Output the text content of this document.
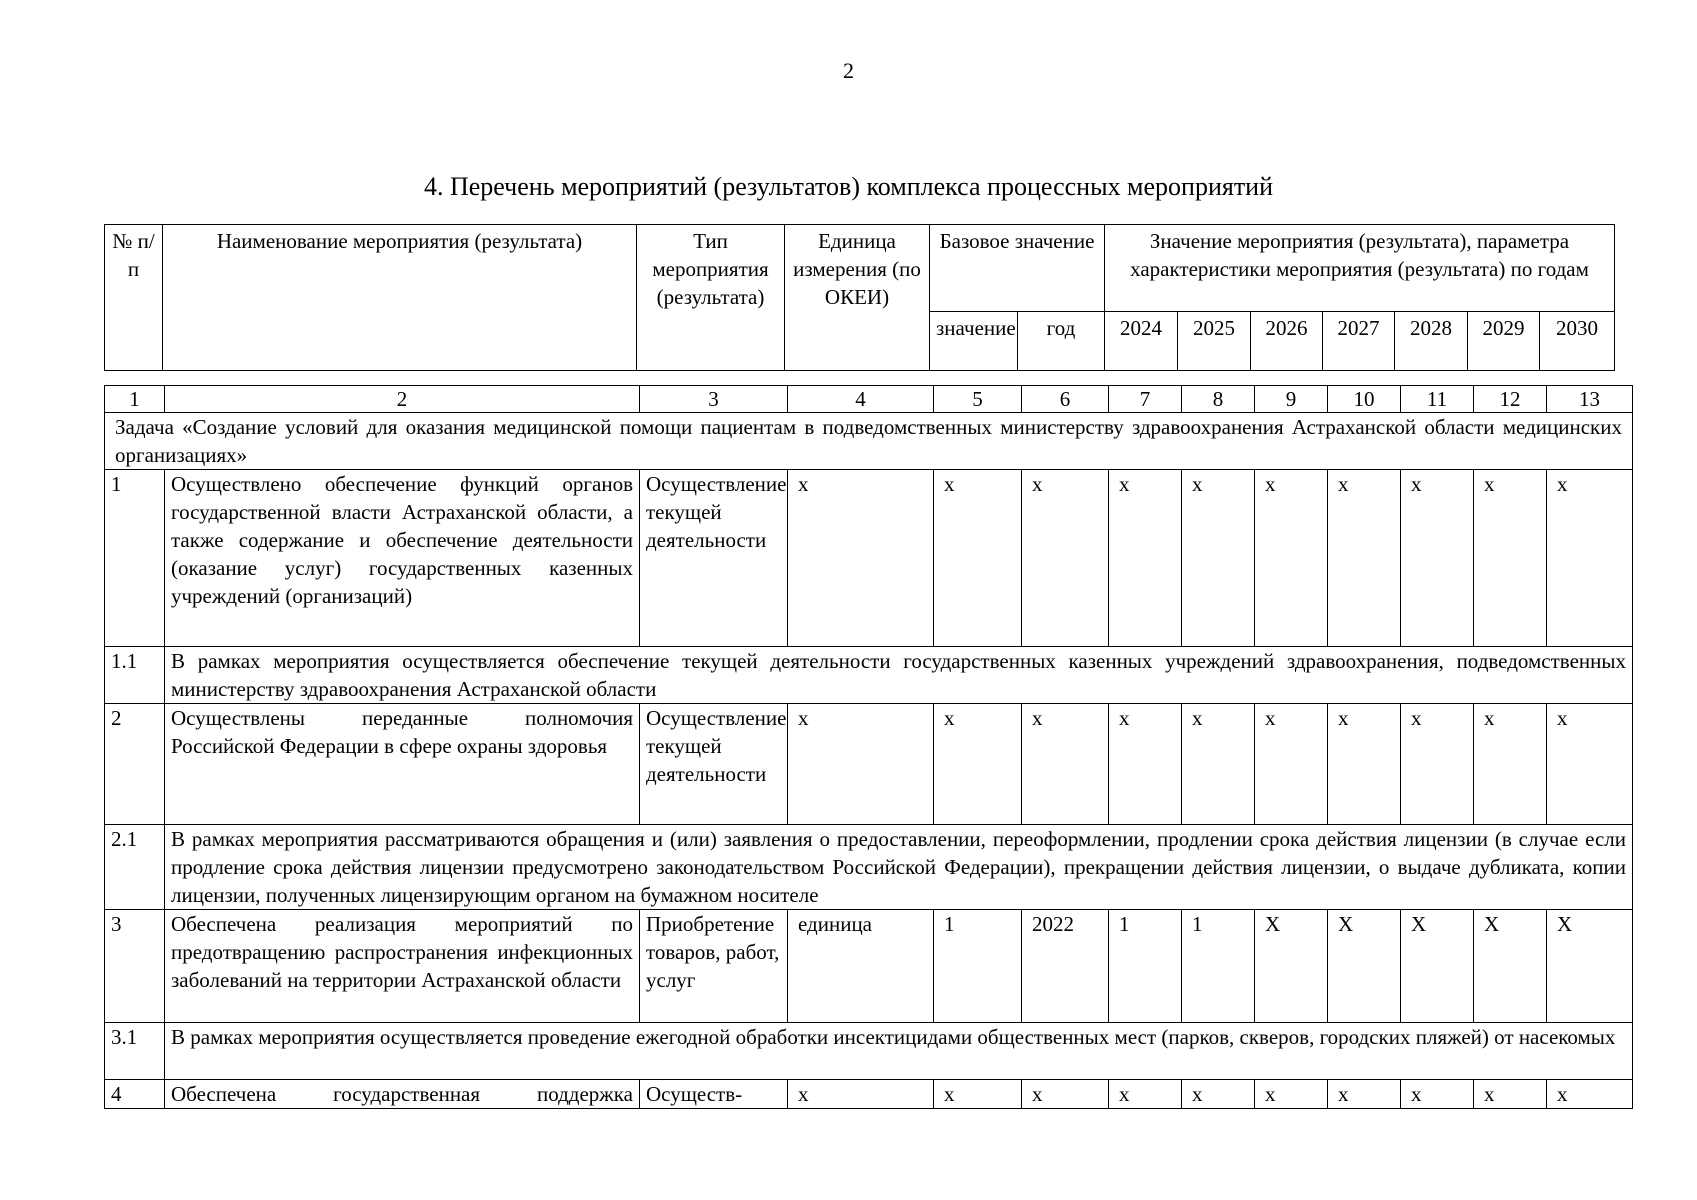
2
4. Перечень мероприятий (результатов) комплекса процессных мероприятий
№ п/п	Наименование мероприятия (результата)	Тип мероприятия (результата)	Единица измерения (по ОКЕИ)	Базовое значение		Значение мероприятия (результата), параметра характеристики мероприятия (результата) по годам						
				значение	год	2024	2025	2026	2027	2028	2029	2030
1	2	3	4	5	6	7	8	9	10	11	12	13
Задача «Создание условий для оказания медицинской помощи пациентам в подведомственных министерству здравоохранения Астраханской области медицинских организациях»												
1	Осуществлено обеспечение функций органов государственной власти Астраханской области, а также содержание и обеспечение деятельности (оказание услуг) государственных казенных учреждений (организаций)	Осуществление текущей деятельности	х	х	х	х	х	х	х	х	х	х
1.1	В рамках мероприятия осуществляется обеспечение текущей деятельности государственных казенных учреждений здравоохранения, подведомственных министерству здравоохранения Астраханской области											
2	Осуществлены переданные полномочия Российской Федерации в сфере охраны здоровья	Осуществление текущей деятельности	х	х	х	х	х	х	х	х	х	х
2.1	В рамках мероприятия рассматриваются обращения и (или) заявления о предоставлении, переоформлении, продлении срока действия лицензии (в случае если продление срока действия лицензии предусмотрено законодательством Российской Федерации), прекращении действия лицензии, о выдаче дубликата, копии лицензии, полученных лицензирующим органом на бумажном носителе											
3	Обеспечена реализация мероприятий по предотвращению распространения инфекционных заболеваний на территории Астраханской области	Приобретение товаров, работ, услуг	единица	1	2022	1	1	Х	Х	Х	Х	Х
3.1	В рамках мероприятия осуществляется проведение ежегодной обработки инсектицидами общественных мест (парков, скверов, городских пляжей) от насекомых											
4	Обеспечена государственная поддержка	Осуществ-	х	х	х	х	х	х	х	х	х	х
